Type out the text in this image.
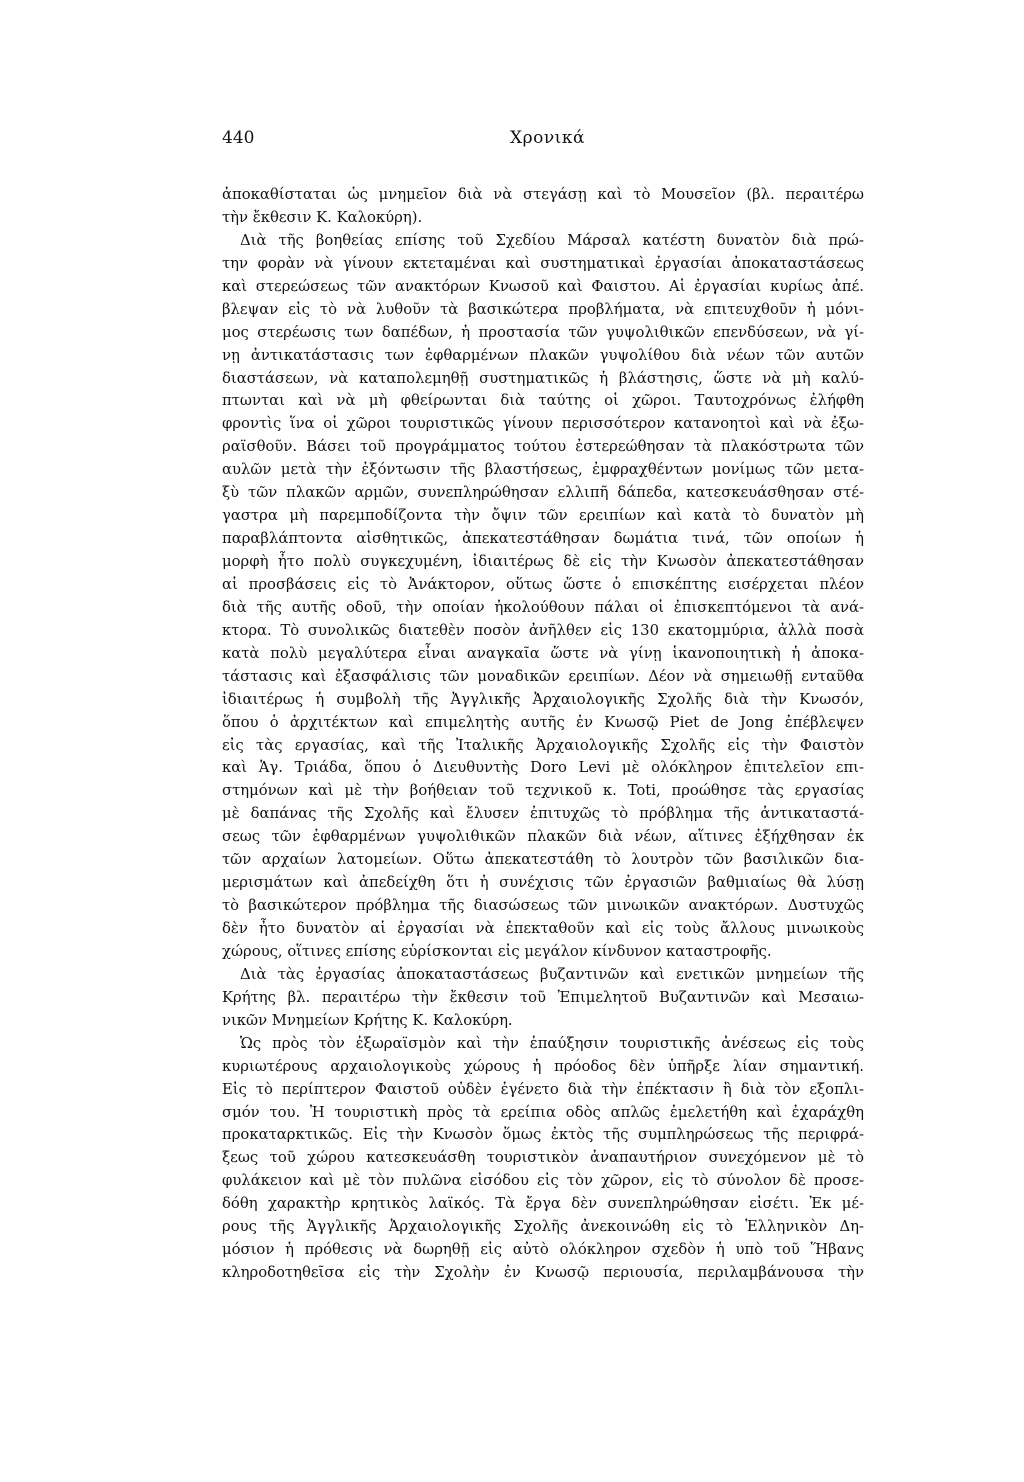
440	Χρονικά
ἀποκαθίσταται ὡς μνημεῖον διὰ νὰ στεγάσῃ καὶ τὸ Μουσεῖον (βλ. περαιτέρω
τὴν ἔκθεσιν Κ. Καλοκύρη).
Διὰ τῆς βοηθείας επίσης τοῦ Σχεδίου Μάρσαλ κατέστη δυνατὸν διὰ πρώ-
την φορὰν νὰ γίνουν εκτεταμέναι καὶ συστηματικαὶ ἐργασίαι ἀποκαταστάσεως
καὶ στερεώσεως τῶν ανακτόρων Κνωσοῦ καὶ Φαιστου. Αἱ ἐργασίαι κυρίως ἀπέ.
βλεψαν εἰς τὸ νὰ λυθοῦν τὰ βασικώτερα προβλήματα, νὰ επιτευχθοῦν ἡ μόνι-
μος στερέωσις των δαπέδων, ἡ προστασία τῶν γυψολιθικῶν επενδύσεων, νὰ γί-
νῃ ἀντικατάστασις των ἐφθαρμένων πλακῶν γυψολίθου διὰ νέων τῶν αυτῶν
διαστάσεων, νὰ καταπολεμηθῇ συστηματικῶς ἡ βλάστησις, ὥστε νὰ μὴ καλύ-
πτωνται καὶ νὰ μὴ φθείρωνται διὰ ταύτης οἱ χῶροι. Ταυτοχρόνως ἐλήφθη
φροντὶς ἵνα οἱ χῶροι τουριστικῶς γίνουν περισσότερον κατανοητοὶ καὶ νὰ ἐξω-
ραϊσθοῦν. Βάσει τοῦ προγράμματος τούτου ἐστερεώθησαν τὰ πλακόστρωτα τῶν
αυλῶν μετὰ τὴν ἐξόντωσιν τῆς βλαστήσεως, ἐμφραχθέντων μονίμως τῶν μετα-
ξὺ τῶν πλακῶν αρμῶν, συνεπληρώθησαν ελλιπῆ δάπεδα, κατεσκευάσθησαν στέ-
γαστρα μὴ παρεμποδίζοντα τὴν ὄψιν τῶν ερειπίων καὶ κατὰ τὸ δυνατὸν μὴ
παραβλάπτοντα αἰσθητικῶς, ἀπεκατεστάθησαν δωμάτια τινά, τῶν οποίων ἡ
μορφὴ ἦτο πολὺ συγκεχυμένη, ἰδιαιτέρως δὲ εἰς τὴν Κνωσὸν ἀπεκατεστάθησαν
αἱ προσβάσεις εἰς τὸ Ἀνάκτορον, οὕτως ὥστε ὁ επισκέπτης εισέρχεται πλέον
διὰ τῆς αυτῆς οδοῦ, τὴν οποίαν ἠκολούθουν πάλαι οἱ ἐπισκεπτόμενοι τὰ ανά-
κτορα. Τὸ συνολικῶς διατεθὲν ποσὸν ἀνῆλθεν εἰς 130 εκατομμύρια, ἀλλὰ ποσὰ
κατὰ πολὺ μεγαλύτερα εἶναι αναγκαῖα ὥστε νὰ γίνῃ ἱκανοποιητικὴ ἡ ἀποκα-
τάστασις καὶ ἐξασφάλισις τῶν μοναδικῶν ερειπίων. Δέον νὰ σημειωθῇ ενταῦθα
ἰδιαιτέρως ἡ συμβολὴ τῆς Ἀγγλικῆς Ἀρχαιολογικῆς Σχολῆς διὰ τὴν Κνωσόν,
ὅπου ὁ ἀρχιτέκτων καὶ επιμελητὴς αυτῆς ἐν Κνωσῷ Piet de Jong ἐπέβλεψεν
εἰς τὰς εργασίας, καὶ τῆς Ἰταλικῆς Ἀρχαιολογικῆς Σχολῆς εἰς τὴν Φαιστὸν
καὶ Ἁγ. Τριάδα, ὅπου ὁ Διευθυντὴς Doro Levi μὲ ολόκληρον ἐπιτελεῖον επι-
στημόνων καὶ μὲ τὴν βοήθειαν τοῦ τεχνικοῦ κ. Toti, προώθησε τὰς εργασίας
μὲ δαπάνας τῆς Σχολῆς καὶ ἔλυσεν ἐπιτυχῶς τὸ πρόβλημα τῆς ἀντικαταστά-
σεως τῶν ἐφθαρμένων γυψολιθικῶν πλακῶν διὰ νέων, αἵτινες ἐξήχθησαν ἐκ
τῶν αρχαίων λατομείων. Οὕτω ἀπεκατεστάθη τὸ λουτρὸν τῶν βασιλικῶν δια-
μερισμάτων καὶ ἀπεδείχθη ὅτι ἡ συνέχισις τῶν ἐργασιῶν βαθμιαίως θὰ λύσῃ
τὸ βασικώτερον πρόβλημα τῆς διασώσεως τῶν μινωικῶν ανακτόρων. Δυστυχῶς
δὲν ἦτο δυνατὸν αἱ ἐργασίαι νὰ ἐπεκταθοῦν καὶ εἰς τοὺς ἄλλους μινωικοὺς
χώρους, οἵτινες επίσης εὑρίσκονται εἰς μεγάλον κίνδυνον καταστροφῆς.
Διὰ τὰς ἐργασίας ἀποκαταστάσεως βυζαντινῶν καὶ ενετικῶν μνημείων τῆς
Κρήτης βλ. περαιτέρω τὴν ἔκθεσιν τοῦ Ἐπιμελητοῦ Βυζαντινῶν καὶ Μεσαιω-
νικῶν Μνημείων Κρήτης Κ. Καλοκύρη.
Ὡς πρὸς τὸν ἐξωραϊσμὸν καὶ τὴν ἐπαύξησιν τουριστικῆς ἀνέσεως εἰς τοὺς
κυριωτέρους αρχαιολογικοὺς χώρους ἡ πρόοδος δὲν ὑπῆρξε λίαν σημαντική.
Εἰς τὸ περίπτερον Φαιστοῦ οὐδὲν ἐγένετο διὰ τὴν ἐπέκτασιν ἢ διὰ τὸν εξοπλι-
σμόν του. Ἡ τουριστικὴ πρὸς τὰ ερείπια οδὸς απλῶς ἐμελετήθη καὶ ἐχαράχθη
προκαταρκτικῶς. Εἰς τὴν Κνωσὸν ὅμως ἐκτὸς τῆς συμπληρώσεως τῆς περιφρά-
ξεως τοῦ χώρου κατεσκευάσθη τουριστικὸν ἀναπαυτήριον συνεχόμενον μὲ τὸ
φυλάκειον καὶ μὲ τὸν πυλῶνα εἰσόδου εἰς τὸν χῶρον, εἰς τὸ σύνολον δὲ προσε-
δόθη χαρακτὴρ κρητικὸς λαϊκός. Τὰ ἔργα δὲν συνεπληρώθησαν εἰσέτι. Ἐκ μέ-
ρους τῆς Ἀγγλικῆς Ἀρχαιολογικῆς Σχολῆς ἀνεκοινώθη εἰς τὸ Ἑλληνικὸν Δη-
μόσιον ἡ πρόθεσις νὰ δωρηθῇ εἰς αὐτὸ ολόκληρον σχεδὸν ἡ υπὸ τοῦ Ἥβανς
κληροδοτηθεῖσα εἰς τὴν Σχολὴν ἐν Κνωσῷ περιουσία, περιλαμβάνουσα τὴν
